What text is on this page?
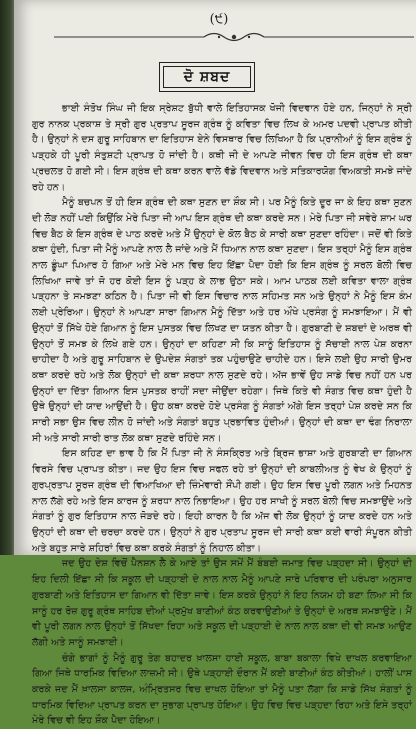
(੯)
ਦੋ ਸ਼ਬਦ

ਭਾਈ ਸੰਤੋਖ ਸਿੰਘ ਜੀ ਇਕ ਸ੍ਰੇਸ਼ਟ ਬੁੱਧੀ ਵਾਲੇ ਇਤਿਹਾਸਕ ਖੋਜੀ ਵਿਦਵਾਨ ਹੋਏ ਹਨ, ਜਿਨ੍ਹਾਂ ਨੇ ਸ੍ਰੀ ਗੁਰ ਨਾਨਕ ਪ੍ਰਕਾਸ਼ ਤੇ ਸ੍ਰੀ ਗੁਰ ਪ੍ਰਤਾਪ ਸੂਰਜ ਗ੍ਰੰਥ ਨੂੰ ਕਵਿਤਾ ਵਿਚ ਲਿਖ ਕੇ ਅਮਰ ਪਦਵੀ ਪ੍ਰਾਪਤ ਕੀਤੀ ਹੈ। ਉਨ੍ਹਾਂ ਨੇ ਦਸ ਗੁਰੂ ਸਾਹਿਬਾਨ ਦਾ ਇਤਿਹਾਸ ਏਨੇ ਵਿਸਥਾਰ ਵਿਚ ਲਿਖਿਆ ਹੈ ਕਿ ਪ੍ਰਾਨੀਆਂ ਨੂੰ ਇਸ ਗ੍ਰੰਥ ਨੂੰ ਪੜ੍ਹਕੇ ਹੀ ਪੂਰੀ ਸੰਤੁਸ਼ਟੀ ਪ੍ਰਾਪਤ ਹੋ ਜਾਂਦੀ ਹੈ। ਕਥੀ ਜੀ ਦੇ ਆਪਣੇ ਜੀਵਨ ਵਿਚ ਹੀ ਇਸ ਗ੍ਰੰਥ ਦੀ ਕਥਾ ਪ੍ਰਚਲਤ ਹੋ ਗਈ ਸੀ। ਇਸ ਗ੍ਰੰਥ ਦੀ ਕਥਾ ਕਰਨ ਵਾਲੇ ਵੱਡੇ ਵਿਦਵਾਨ ਅਤੇ ਸਤਿਕਾਰਯੋਗ ਵਿਅਕਤੀ ਸਮਝੇ ਜਾਂਦੇ ਰਹੇ ਹਨ।

ਮੈਨੂੰ ਬਚਪਨ ਤੋਂ ਹੀ ਇਸ ਗ੍ਰੰਥ ਦੀ ਕਥਾ ਸੁਣਨ ਦਾ ਸ਼ੌਕ ਸੀ। ਪਰ ਮੈਨੂੰ ਕਿਤੇ ਦੂਰ ਜਾ ਕੇ ਇਹ ਕਥਾ ਸੁਣਨ ਦੀ ਲੋੜ ਨਹੀਂ ਪਈ ਕਿਉਂਕਿ ਮੇਰੇ ਪਿਤਾ ਜੀ ਆਪ ਇਸ ਗ੍ਰੰਥ ਦੀ ਕਥਾ ਕਰਦੇ ਸਨ। ਮੇਰੇ ਪਿਤਾ ਜੀ ਸਵੇਰੇ ਸ਼ਾਮ ਘਰ ਵਿਚ ਬੈਠ ਕੇ ਇਸ ਗ੍ਰੰਥ ਦੇ ਪਾਠ ਕਰਦੇ ਅਤੇ ਮੈਂ ਉਨ੍ਹਾਂ ਦੇ ਕੋਲ ਬੈਠ ਕੇ ਸਾਰੀ ਕਥਾ ਸੁਣਦਾ ਰਹਿੰਦਾ। ਜਦੋਂ ਵੀ ਕਿਤੇ ਕਥਾ ਹੁੰਦੀ, ਪਿਤਾ ਜੀ ਮੈਨੂੰ ਆਪਣੇ ਨਾਲ ਲੈ ਜਾਂਦੇ ਅਤੇ ਮੈਂ ਧਿਆਨ ਨਾਲ ਕਥਾ ਸੁਣਦਾ। ਇਸ ਤਰ੍ਹਾਂ ਮੈਨੂੰ ਇਸ ਗ੍ਰੰਥ ਨਾਲ ਡੂੰਘਾ ਪਿਆਰ ਹੋ ਗਿਆ ਅਤੇ ਮੇਰੇ ਮਨ ਵਿਚ ਇਹ ਇੱਛਾ ਪੈਦਾ ਹੋਈ ਕਿ ਇਸ ਗ੍ਰੰਥ ਨੂੰ ਸਰਲ ਬੋਲੀ ਵਿਚ ਲਿਖਿਆ ਜਾਵੇ ਤਾਂ ਜੋ ਹਰ ਕੋਈ ਇਸ ਨੂੰ ਪੜ੍ਹ ਕੇ ਲਾਭ ਉਠਾ ਸਕੇ। ਆਮ ਪਾਠਕ ਲਈ ਕਵਿਤਾ ਵਾਲਾ ਗ੍ਰੰਥ ਪੜ੍ਹਨਾ ਤੇ ਸਮਝਣਾ ਕਠਿਨ ਹੈ। ਪਿਤਾ ਜੀ ਵੀ ਇਸ ਵਿਚਾਰ ਨਾਲ ਸਹਿਮਤ ਸਨ ਅਤੇ ਉਨ੍ਹਾਂ ਨੇ ਮੈਨੂੰ ਇਸ ਕੰਮ ਲਈ ਪ੍ਰੇਰਿਆ। ਉਨ੍ਹਾਂ ਨੇ ਆਪਣਾ ਸਾਰਾ ਗਿਆਨ ਮੈਨੂੰ ਦਿੱਤਾ ਅਤੇ ਹਰ ਔਖੇ ਪ੍ਰਸੰਗ ਨੂੰ ਸਮਝਾਇਆ। ਮੈਂ ਵੀ ਉਨ੍ਹਾਂ ਤੋਂ ਸਿੱਖੇ ਹੋਏ ਗਿਆਨ ਨੂੰ ਇਸ ਪੁਸਤਕ ਵਿਚ ਲਿਖਣ ਦਾ ਯਤਨ ਕੀਤਾ ਹੈ। ਗੁਰਬਾਣੀ ਦੇ ਸ਼ਬਦਾਂ ਦੇ ਅਰਥ ਵੀ ਉਨ੍ਹਾਂ ਤੋਂ ਸਮਝ ਕੇ ਲਿਖੇ ਗਏ ਹਨ। ਉਨ੍ਹਾਂ ਦਾ ਕਹਿਣਾ ਸੀ ਕਿ ਸਾਨੂੰ ਇਤਿਹਾਸ ਨੂੰ ਸੱਚਾਈ ਨਾਲ ਪੇਸ਼ ਕਰਨਾ ਚਾਹੀਦਾ ਹੈ ਅਤੇ ਗੁਰੂ ਸਾਹਿਬਾਨ ਦੇ ਉਪਦੇਸ਼ ਸੰਗਤਾਂ ਤਕ ਪਹੁੰਚਾਉਣੇ ਚਾਹੀਦੇ ਹਨ। ਇਸੇ ਲਈ ਉਹ ਸਾਰੀ ਉਮਰ ਕਥਾ ਕਰਦੇ ਰਹੇ ਅਤੇ ਲੋਕ ਉਨ੍ਹਾਂ ਦੀ ਕਥਾ ਸ਼ਰਧਾ ਨਾਲ ਸੁਣਦੇ ਰਹੇ। ਅੱਜ ਭਾਵੇਂ ਉਹ ਸਾਡੇ ਵਿਚ ਨਹੀਂ ਹਨ ਪਰ ਉਨ੍ਹਾਂ ਦਾ ਦਿੱਤਾ ਗਿਆਨ ਇਸ ਪੁਸਤਕ ਰਾਹੀਂ ਸਦਾ ਜੀਉਂਦਾ ਰਹੇਗਾ। ਜਿਥੇ ਕਿਤੇ ਵੀ ਸੰਗਤ ਵਿਚ ਕਥਾ ਹੁੰਦੀ ਹੈ ਉਥੇ ਉਨ੍ਹਾਂ ਦੀ ਯਾਦ ਆਉਂਦੀ ਹੈ। ਉਹ ਕਥਾ ਕਰਦੇ ਹੋਏ ਪ੍ਰਸੰਗ ਨੂੰ ਸੰਗਤਾਂ ਅੱਗੇ ਇਸ ਤਰ੍ਹਾਂ ਪੇਸ਼ ਕਰਦੇ ਸਨ ਕਿ ਸਾਰੀ ਸਭਾ ਉਸ ਵਿਚ ਲੀਨ ਹੋ ਜਾਂਦੀ ਅਤੇ ਸੰਗਤਾਂ ਬਹੁਤ ਪ੍ਰਭਾਵਿਤ ਹੁੰਦੀਆਂ। ਉਨ੍ਹਾਂ ਦੀ ਕਥਾ ਦਾ ਢੰਗ ਨਿਰਾਲਾ ਸੀ ਅਤੇ ਸਾਰੀ ਸਾਰੀ ਰਾਤ ਲੋਕ ਕਥਾ ਸੁਣਦੇ ਰਹਿੰਦੇ ਸਨ।

ਇਸ ਕਹਿਣ ਦਾ ਭਾਵ ਹੈ ਕਿ ਮੈਂ ਪਿਤਾ ਜੀ ਨੇ ਸੰਸਕ੍ਰਿਤ ਅਤੇ ਬ੍ਰਿਜ ਭਾਸ਼ਾ ਅਤੇ ਗੁਰਬਾਣੀ ਦਾ ਗਿਆਨ ਵਿਰਸੇ ਵਿਚ ਪ੍ਰਾਪਤ ਕੀਤਾ। ਜਦ ਉਹ ਇਸ ਵਿਚ ਸਫਲ ਰਹੇ ਤਾਂ ਉਨ੍ਹਾਂ ਦੀ ਕਾਬਲੀਅਤ ਨੂੰ ਵੇਖ ਕੇ ਉਨ੍ਹਾਂ ਨੂੰ ਗੁਰਪ੍ਰਤਾਪ ਸੂਰਜ ਗ੍ਰੰਥ ਦੀ ਵਿਆਖਿਆ ਦੀ ਜ਼ਿੰਮੇਵਾਰੀ ਸੌਂਪੀ ਗਈ। ਉਹ ਇਸ ਵਿਚ ਪੂਰੀ ਲਗਨ ਅਤੇ ਮਿਹਨਤ ਨਾਲ ਲੱਗੇ ਰਹੇ ਅਤੇ ਇਸ ਕਾਰਜ ਨੂੰ ਸ਼ਰਧਾ ਨਾਲ ਨਿਭਾਇਆ। ਉਹ ਹਰ ਸਾਖੀ ਨੂੰ ਸਰਲ ਬੋਲੀ ਵਿਚ ਸਮਝਾਉਂਦੇ ਅਤੇ ਸੰਗਤਾਂ ਨੂੰ ਗੁਰ ਇਤਿਹਾਸ ਨਾਲ ਜੋੜਦੇ ਰਹੇ। ਇਹੀ ਕਾਰਨ ਹੈ ਕਿ ਅੱਜ ਵੀ ਲੋਕ ਉਨ੍ਹਾਂ ਨੂੰ ਯਾਦ ਕਰਦੇ ਹਨ ਅਤੇ ਉਨ੍ਹਾਂ ਦੀ ਕਥਾ ਦੀ ਚਰਚਾ ਕਰਦੇ ਹਨ। ਉਨ੍ਹਾਂ ਨੇ ਗੁਰ ਪ੍ਰਤਾਪ ਸੂਰਜ ਦੀ ਸਾਰੀ ਕਥਾ ਕਈ ਵਾਰੀ ਸੰਪੂਰਨ ਕੀਤੀ ਅਤੇ ਬਹੁਤ ਸਾਰੇ ਸ਼ਹਿਰਾਂ ਵਿਚ ਕਥਾ ਕਰਕੇ ਸੰਗਤਾਂ ਨੂੰ ਨਿਹਾਲ ਕੀਤਾ।

ਜਦ ਉਹ ਦੇਸ਼ ਵਿਚੋਂ ਪੈਨਸ਼ਨ ਲੈ ਕੇ ਆਏ ਤਾਂ ਉਸ ਸਮੇਂ ਮੈਂ ਬੰਬਈ ਜਮਾਤ ਵਿਚ ਪੜ੍ਹਦਾ ਸੀ। ਉਨ੍ਹਾਂ ਦੀ ਇਹ ਦਿਲੀ ਇੱਛਾ ਸੀ ਕਿ ਸਕੂਲ ਦੀ ਪੜ੍ਹਾਈ ਦੇ ਨਾਲ ਨਾਲ ਮੈਨੂੰ ਆਪਣੇ ਸਾਰੇ ਪਰਿਵਾਰ ਦੀ ਪਰੰਪਰਾ ਅਨੁਸਾਰ ਗੁਰਬਾਣੀ ਅਤੇ ਇਤਿਹਾਸ ਦਾ ਗਿਆਨ ਵੀ ਦਿੱਤਾ ਜਾਵੇ। ਇਸ ਕਰਕੇ ਉਨ੍ਹਾਂ ਨੇ ਇਹ ਨਿਯਮ ਹੀ ਬਣਾ ਲਿਆ ਸੀ ਕਿ ਸਾਨੂੰ ਹਰ ਰੋਜ਼ ਗੁਰੂ ਗ੍ਰੰਥ ਸਾਹਿਬ ਦੀਆਂ ਪ੍ਰਮੁੱਖ ਬਾਣੀਆਂ ਕੰਠ ਕਰਵਾਉਣੀਆਂ ਤੇ ਉਨ੍ਹਾਂ ਦੇ ਅਰਥ ਸਮਝਾਉਣੇ। ਮੈਂ ਵੀ ਪੂਰੀ ਲਗਨ ਨਾਲ ਉਨ੍ਹਾਂ ਤੋਂ ਸਿੱਖਦਾ ਰਿਹਾ ਅਤੇ ਸਕੂਲ ਦੀ ਪੜ੍ਹਾਈ ਦੇ ਨਾਲ ਨਾਲ ਕਥਾ ਦੀ ਵੀ ਸਮਝ ਆਉਣ ਲੱਗੀ ਅਤੇ ਸਾਨੂੰ ਸਮਝਾਈ।

ਚੰਗੇ ਭਾਗਾਂ ਨੂੰ ਮੈਨੂੰ ਗੁਰੂ ਤੇਗ ਬਹਾਦਰ ਖ਼ਾਲਸਾ ਹਾਈ ਸਕੂਲ, ਬਾਬਾ ਬਕਾਲਾ ਵਿਖੇ ਦਾਖਲ ਕਰਵਾਇਆ ਗਿਆ ਜਿਥੇ ਧਾਰਮਿਕ ਵਿਦਿਆ ਲਾਜ਼ਮੀ ਸੀ। ਉਥੇ ਪੜ੍ਹਾਈ ਦੌਰਾਨ ਮੈਂ ਕਈ ਬਾਣੀਆਂ ਕੰਠ ਕੀਤੀਆਂ। ਹਾਲੀਂ ਪਾਸ ਕਰਕੇ ਜਦ ਮੈਂ ਖ਼ਾਲਸਾ ਕਾਲਜ, ਅੰਮ੍ਰਿਤਸਰ ਵਿਚ ਦਾਖਲ ਹੋਇਆ ਤਾਂ ਮੈਨੂੰ ਪਤਾ ਲੱਗਾ ਕਿ ਸਾਡੇ ਸਿੱਖ ਸੰਗਤਾਂ ਨੂੰ ਧਾਰਮਿਕ ਵਿਦਿਆ ਪ੍ਰਾਪਤ ਕਰਨ ਦਾ ਸੁਭਾਗ ਪ੍ਰਾਪਤ ਹੋਇਆ। ਉਹ ਵਿਚ ਵਿਚ ਪੜ੍ਹਦਾ ਰਿਹਾ ਅਤੇ ਇਸੇ ਤਰ੍ਹਾਂ ਮੇਰੇ ਵਿਚ ਵੀ ਇਹ ਸ਼ੌਕ ਪੈਦਾ ਹੋਇਆ।
